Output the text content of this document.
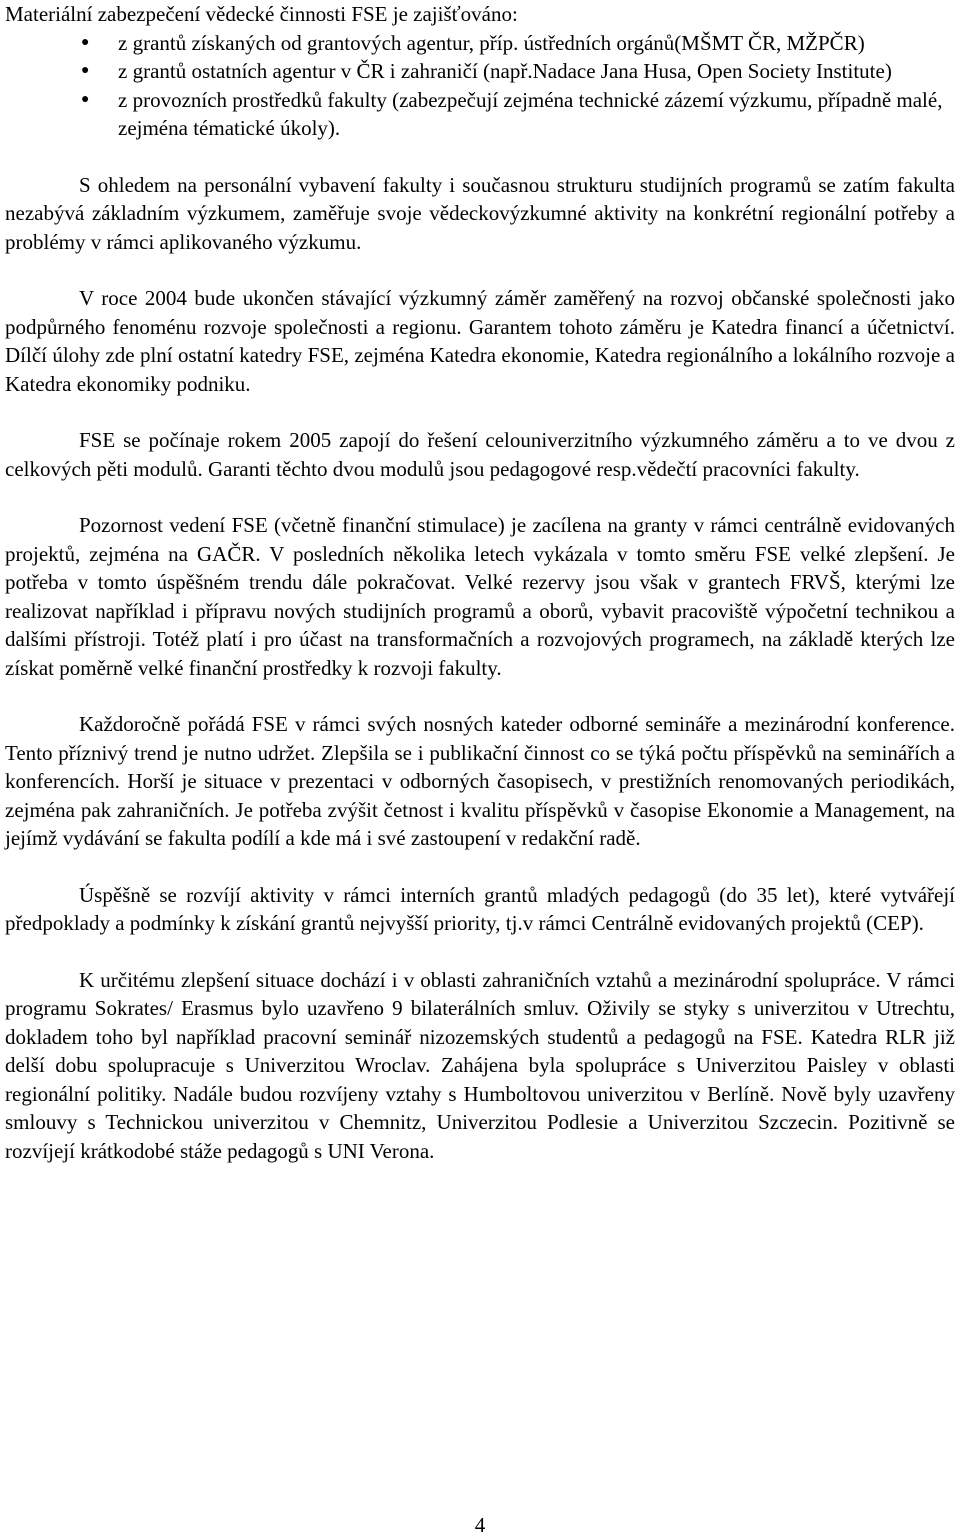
Materiální zabezpečení vědecké činnosti FSE je zajišťováno:
●	z grantů získaných od grantových agentur, příp. ústředních orgánů(MŠMT ČR, MŽPČR)
●	z grantů ostatních agentur v ČR i zahraničí (např.Nadace Jana Husa, Open Society Institute)
●	z provozních prostředků fakulty (zabezpečují zejména technické zázemí výzkumu, případně malé, zejména tématické úkoly).

S ohledem na personální vybavení fakulty i současnou strukturu studijních programů se zatím fakulta nezabývá základním výzkumem, zaměřuje svoje vědeckovýzkumné aktivity na konkrétní regionální potřeby a problémy v rámci aplikovaného výzkumu.

V roce 2004 bude ukončen stávající výzkumný záměr zaměřený na rozvoj občanské společnosti jako podpůrného fenoménu rozvoje společnosti a regionu. Garantem tohoto záměru je Katedra financí a účetnictví. Dílčí úlohy zde plní ostatní katedry FSE, zejména Katedra ekonomie, Katedra regionálního a lokálního rozvoje a Katedra ekonomiky podniku.

FSE se počínaje rokem 2005 zapojí do řešení celouniverzitního výzkumného záměru a to ve dvou z celkových pěti modulů. Garanti těchto dvou modulů jsou pedagogové resp.vědečtí pracovníci fakulty.

Pozornost vedení FSE (včetně finanční stimulace) je zacílena na granty v rámci centrálně evidovaných projektů, zejména na GAČR. V posledních několika letech vykázala v tomto směru FSE velké zlepšení. Je potřeba v tomto úspěšném trendu dále pokračovat. Velké rezervy jsou však v grantech FRVŠ, kterými lze realizovat například i přípravu nových studijních programů a oborů, vybavit pracoviště výpočetní technikou a dalšími přístroji. Totéž platí i pro účast na transformačních a rozvojových programech, na základě kterých lze získat poměrně velké finanční prostředky k rozvoji fakulty.

Každoročně pořádá FSE v rámci svých nosných kateder odborné semináře a mezinárodní konference. Tento příznivý trend je nutno udržet. Zlepšila se i publikační činnost co se týká počtu příspěvků na seminářích a konferencích. Horší je situace v prezentaci v odborných časopisech, v prestižních renomovaných periodikách, zejména pak zahraničních. Je potřeba zvýšit četnost i kvalitu příspěvků v časopise Ekonomie a Management, na jejímž vydávání se fakulta podílí a kde má i své zastoupení v redakční radě.

Úspěšně se rozvíjí aktivity v rámci interních grantů mladých pedagogů (do 35 let), které vytvářejí předpoklady a podmínky k získání grantů nejvyšší priority, tj.v rámci Centrálně evidovaných projektů (CEP).

K určitému zlepšení situace dochází i v oblasti zahraničních vztahů a mezinárodní spolupráce. V rámci programu Sokrates/ Erasmus bylo uzavřeno 9 bilaterálních smluv. Oživily se styky s univerzitou v Utrechtu, dokladem toho byl například pracovní seminář nizozemských studentů a pedagogů na FSE. Katedra RLR již delší dobu spolupracuje s Univerzitou Wroclav. Zahájena byla spolupráce s Univerzitou Paisley v oblasti regionální politiky. Nadále budou rozvíjeny vztahy s Humboltovou univerzitou v Berlíně. Nově byly uzavřeny smlouvy s Technickou univerzitou v Chemnitz, Univerzitou Podlesie a Univerzitou Szczecin. Pozitivně se rozvíjejí krátkodobé stáže pedagogů s UNI Verona.

4
